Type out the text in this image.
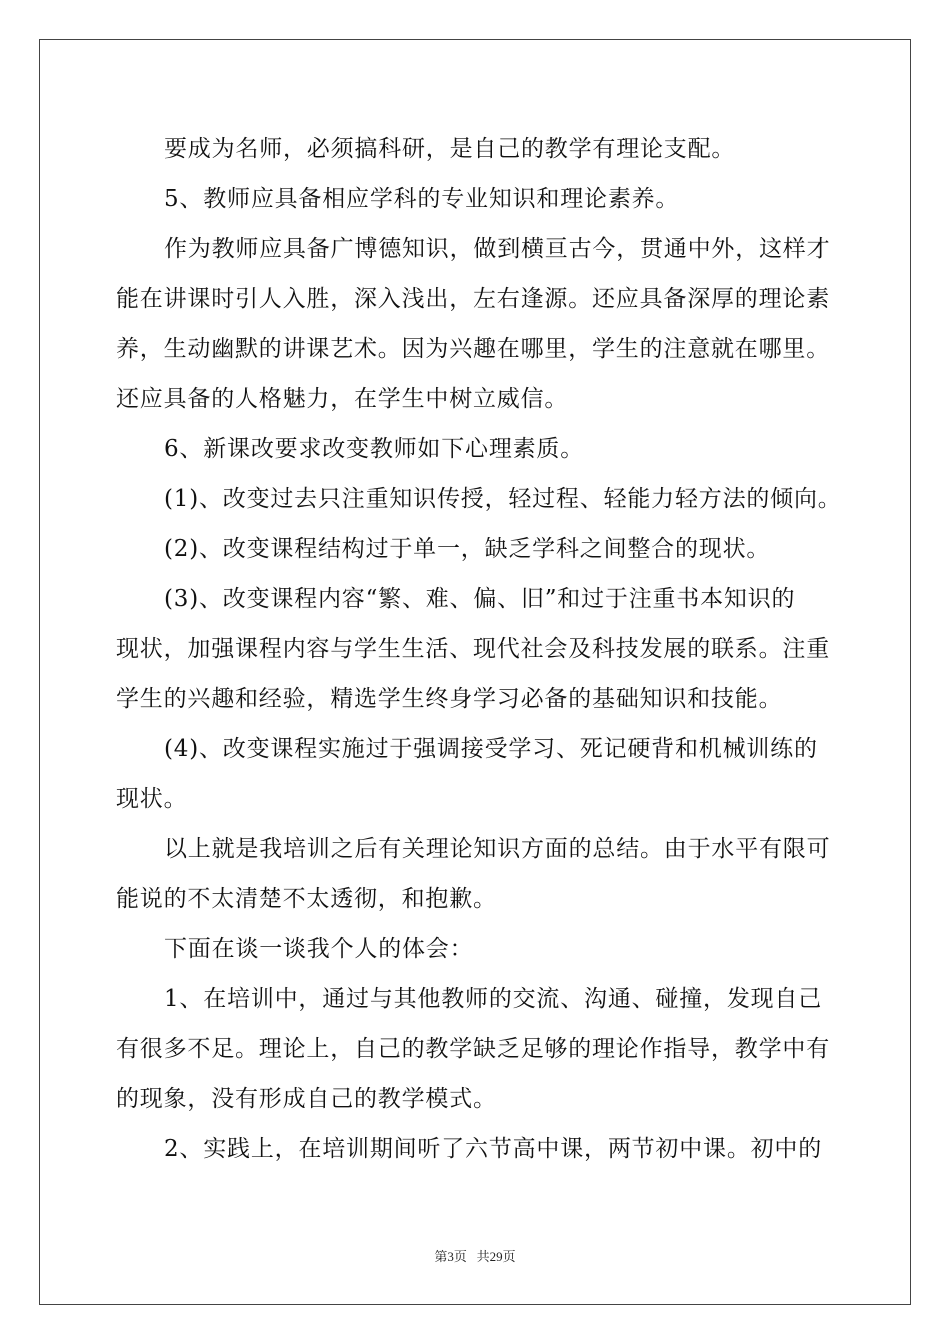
要成为名师，必须搞科研，是自己的教学有理论支配。

5、教师应具备相应学科的专业知识和理论素养。

作为教师应具备广博德知识，做到横亘古今，贯通中外，这样才
能在讲课时引人入胜，深入浅出，左右逢源。还应具备深厚的理论素
养，生动幽默的讲课艺术。因为兴趣在哪里，学生的注意就在哪里。
还应具备的人格魅力，在学生中树立威信。

6、新课改要求改变教师如下心理素质。

(1)、改变过去只注重知识传授，轻过程、轻能力轻方法的倾向。

(2)、改变课程结构过于单一，缺乏学科之间整合的现状。

(3)、改变课程内容“繁、难、偏、旧”和过于注重书本知识的
现状，加强课程内容与学生生活、现代社会及科技发展的联系。注重
学生的兴趣和经验，精选学生终身学习必备的基础知识和技能。

(4)、改变课程实施过于强调接受学习、死记硬背和机械训练的
现状。

以上就是我培训之后有关理论知识方面的总结。由于水平有限可
能说的不太清楚不太透彻，和抱歉。

下面在谈一谈我个人的体会：

1、在培训中，通过与其他教师的交流、沟通、碰撞，发现自己
有很多不足。理论上，自己的教学缺乏足够的理论作指导，教学中有
的现象，没有形成自己的教学模式。

2、实践上，在培训期间听了六节高中课，两节初中课。初中的

第3页 共29页
